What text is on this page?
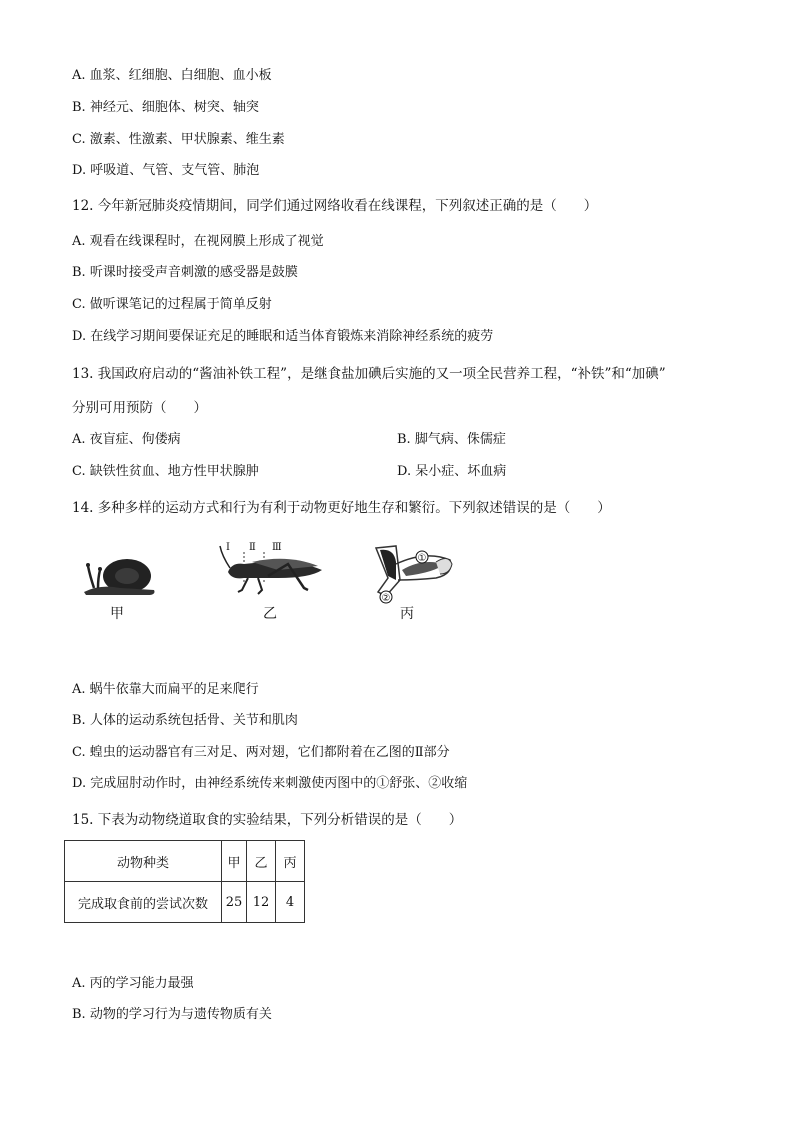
A. 血浆、红细胞、白细胞、血小板
B. 神经元、细胞体、树突、轴突
C. 激素、性激素、甲状腺素、维生素
D. 呼吸道、气管、支气管、肺泡
12. 今年新冠肺炎疫情期间，同学们通过网络收看在线课程，下列叙述正确的是（　　）
A. 观看在线课程时，在视网膜上形成了视觉
B. 听课时接受声音刺激的感受器是鼓膜
C. 做听课笔记的过程属于简单反射
D. 在线学习期间要保证充足的睡眠和适当体育锻炼来消除神经系统的疲劳
13. 我国政府启动的“酱油补铁工程”，是继食盐加碘后实施的又一项全民营养工程，“补铁”和“加碘”
分别可用预防（　　）
A. 夜盲症、佝偻病	B. 脚气病、侏儒症
C. 缺铁性贫血、地方性甲状腺肿	D. 呆小症、坏血病
14. 多种多样的运动方式和行为有利于动物更好地生存和繁衍。下列叙述错误的是（　　）
甲
Ⅰ Ⅱ Ⅲ
乙
①
②
丙
A. 蜗牛依靠大而扁平的足来爬行
B. 人体的运动系统包括骨、关节和肌肉
C. 蝗虫的运动器官有三对足、两对翅，它们都附着在乙图的Ⅱ部分
D. 完成屈肘动作时，由神经系统传来刺激使丙图中的①舒张、②收缩
15. 下表为动物绕道取食的实验结果，下列分析错误的是（　　）
动物种类	甲	乙	丙
完成取食前的尝试次数	25	12	4
A. 丙的学习能力最强
B. 动物的学习行为与遗传物质有关
